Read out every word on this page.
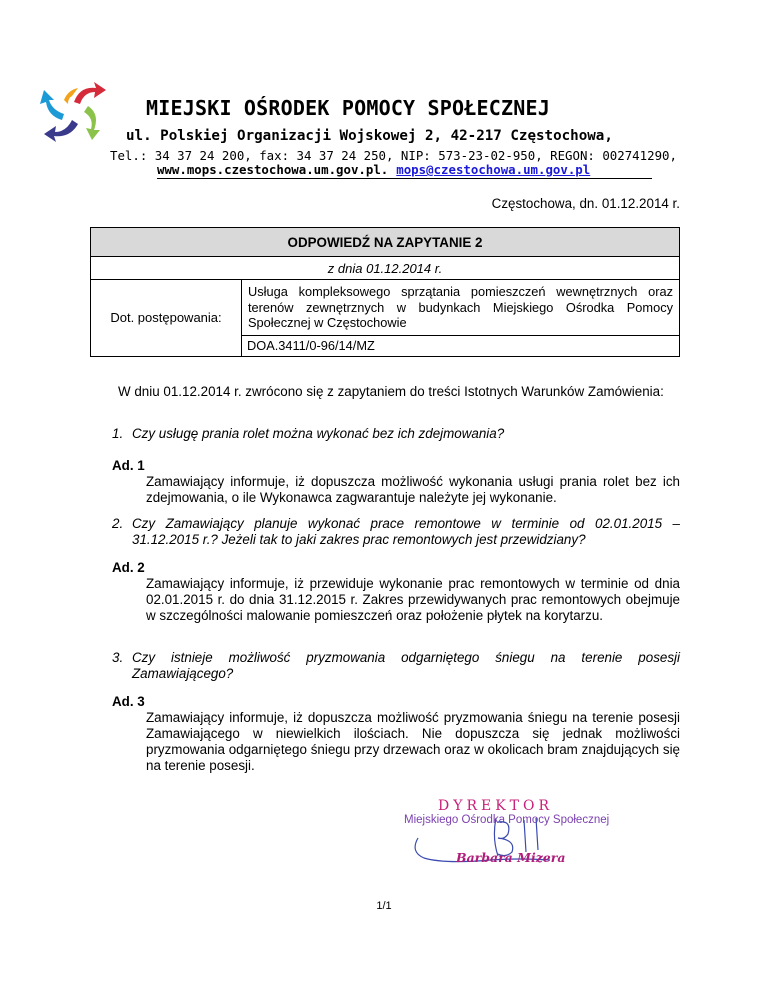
MIEJSKI OŚRODEK POMOCY SPOŁECZNEJ
ul. Polskiej Organizacji Wojskowej 2, 42-217 Częstochowa,
Tel.: 34 37 24 200, fax: 34 37 24 250, NIP: 573-23-02-950, REGON: 002741290,
www.mops.czestochowa.um.gov.pl. mops@czestochowa.um.gov.pl
Częstochowa, dn. 01.12.2014 r.
ODPOWIEDŹ NA ZAPYTANIE 2
z dnia 01.12.2014 r.
Dot. postępowania:	Usługa kompleksowego sprzątania pomieszczeń wewnętrznych oraz terenów zewnętrznych w budynkach Miejskiego Ośrodka Pomocy Społecznej w Częstochowie
DOA.3411/0-96/14/MZ
W dniu 01.12.2014 r. zwrócono się z zapytaniem do treści Istotnych Warunków Zamówienia:
1. Czy usługę prania rolet można wykonać bez ich zdejmowania?
Ad. 1
Zamawiający informuje, iż dopuszcza możliwość wykonania usługi prania rolet bez ich zdejmowania, o ile Wykonawca zagwarantuje należyte jej wykonanie.
2. Czy Zamawiający planuje wykonać prace remontowe w terminie od 02.01.2015 – 31.12.2015 r.? Jeżeli tak to jaki zakres prac remontowych jest przewidziany?
Ad. 2
Zamawiający informuje, iż przewiduje wykonanie prac remontowych w terminie od dnia 02.01.2015 r. do dnia 31.12.2015 r. Zakres przewidywanych prac remontowych obejmuje w szczególności malowanie pomieszczeń oraz położenie płytek na korytarzu.
3. Czy istnieje możliwość pryzmowania odgarniętego śniegu na terenie posesji Zamawiającego?
Ad. 3
Zamawiający informuje, iż dopuszcza możliwość pryzmowania śniegu na terenie posesji Zamawiającego w niewielkich ilościach. Nie dopuszcza się jednak możliwości pryzmowania odgarniętego śniegu przy drzewach oraz w okolicach bram znajdujących się na terenie posesji.
DYREKTOR
Miejskiego Ośrodka Pomocy Społecznej
Barbara Mizera
1/1
